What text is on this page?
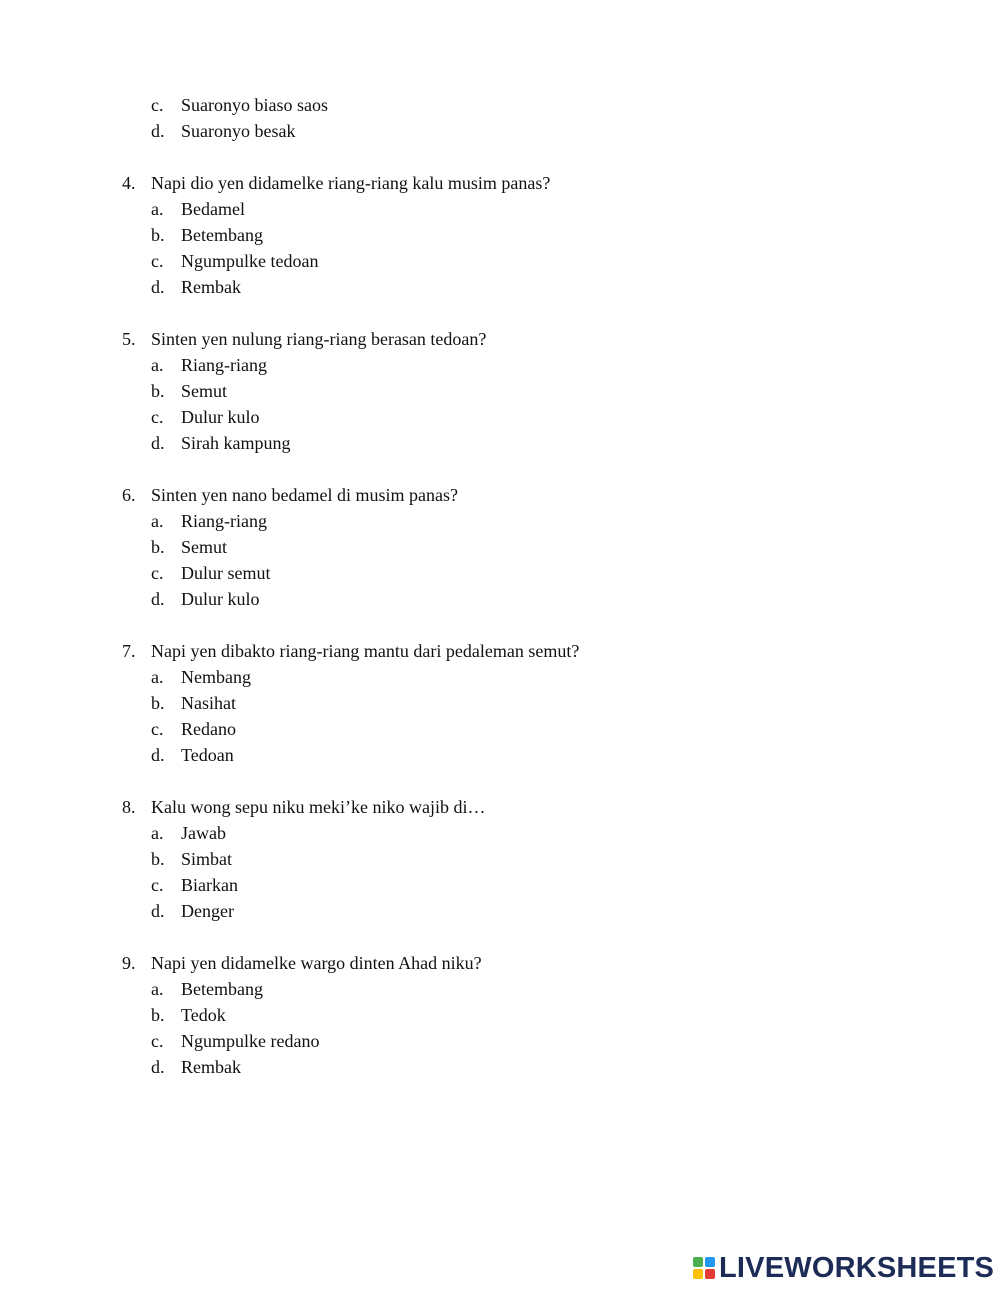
c. Suaronyo biaso saos
d. Suaronyo besak
4. Napi dio yen didamelke riang-riang kalu musim panas?
a. Bedamel
b. Betembang
c. Ngumpulke tedoan
d. Rembak
5. Sinten yen nulung riang-riang berasan tedoan?
a. Riang-riang
b. Semut
c. Dulur kulo
d. Sirah kampung
6. Sinten yen nano bedamel di musim panas?
a. Riang-riang
b. Semut
c. Dulur semut
d. Dulur kulo
7. Napi yen dibakto riang-riang mantu dari pedaleman semut?
a. Nembang
b. Nasihat
c. Redano
d. Tedoan
8. Kalu wong sepu niku meki’ke niko wajib di…
a. Jawab
b. Simbat
c. Biarkan
d. Denger
9. Napi yen didamelke wargo dinten Ahad niku?
a. Betembang
b. Tedok
c. Ngumpulke redano
d. Rembak
LIVEWORKSHEETS
